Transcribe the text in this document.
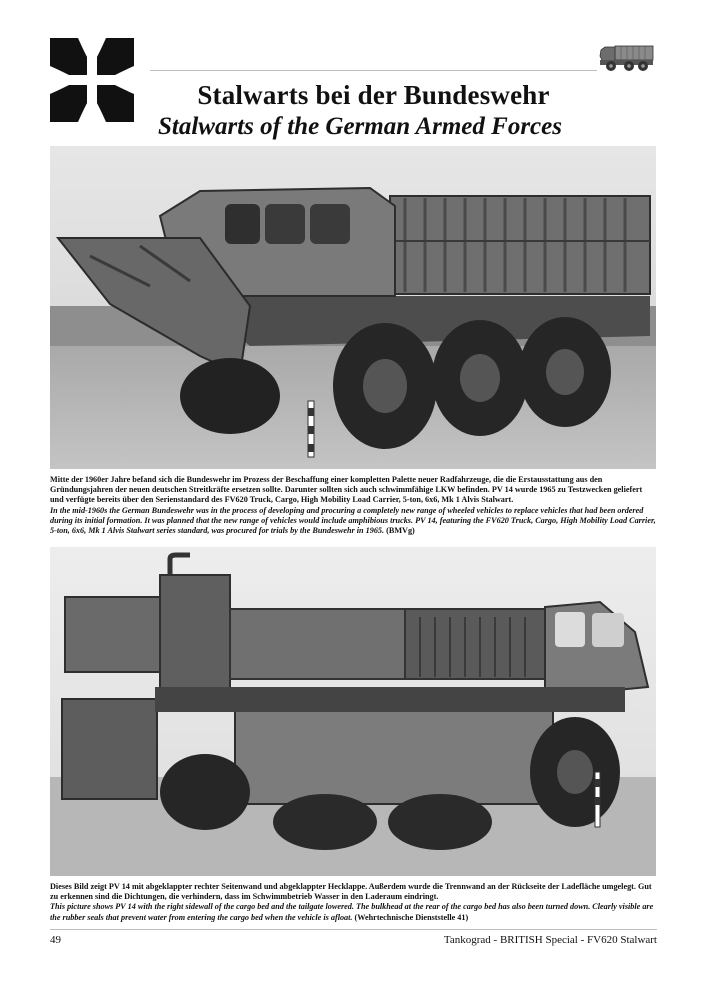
Stalwarts bei der Bundeswehr
Stalwarts of the German Armed Forces

Mitte der 1960er Jahre befand sich die Bundeswehr im Prozess der Beschaffung einer kompletten Palette neuer Radfahrzeuge, die die Erstausstattung aus den Gründungsjahren der neuen deutschen Streitkräfte ersetzen sollte. Darunter sollten sich auch schwimmfähige LKW befinden. PV 14 wurde 1965 zu Testzwecken geliefert und verfügte bereits über den Serienstandard des FV620 Truck, Cargo, High Mobility Load Carrier, 5-ton, 6x6, Mk 1 Alvis Stalwart.

In the mid-1960s the German Bundeswehr was in the process of developing and procuring a completely new range of wheeled vehicles to replace vehicles that had been ordered during its initial formation. It was planned that the new range of vehicles would include amphibious trucks. PV 14, featuring the FV620 Truck, Cargo, High Mobility Load Carrier, 5-ton, 6x6, Mk 1 Alvis Stalwart series standard, was procured for trials by the Bundeswehr in 1965. (BMVg)

Dieses Bild zeigt PV 14 mit abgeklappter rechter Seitenwand und abgeklappter Hecklappe. Außerdem wurde die Trennwand an der Rückseite der Ladefläche umgelegt. Gut zu erkennen sind die Dichtungen, die verhindern, dass im Schwimmbetrieb Wasser in den Laderaum eindringt.

This picture shows PV 14 with the right sidewall of the cargo bed and the tailgate lowered. The bulkhead at the rear of the cargo bed has also been turned down. Clearly visible are the rubber seals that prevent water from entering the cargo bed when the vehicle is afloat. (Wehrtechnische Dienststelle 41)

49	Tankograd - BRITISH Special - FV620 Stalwart
